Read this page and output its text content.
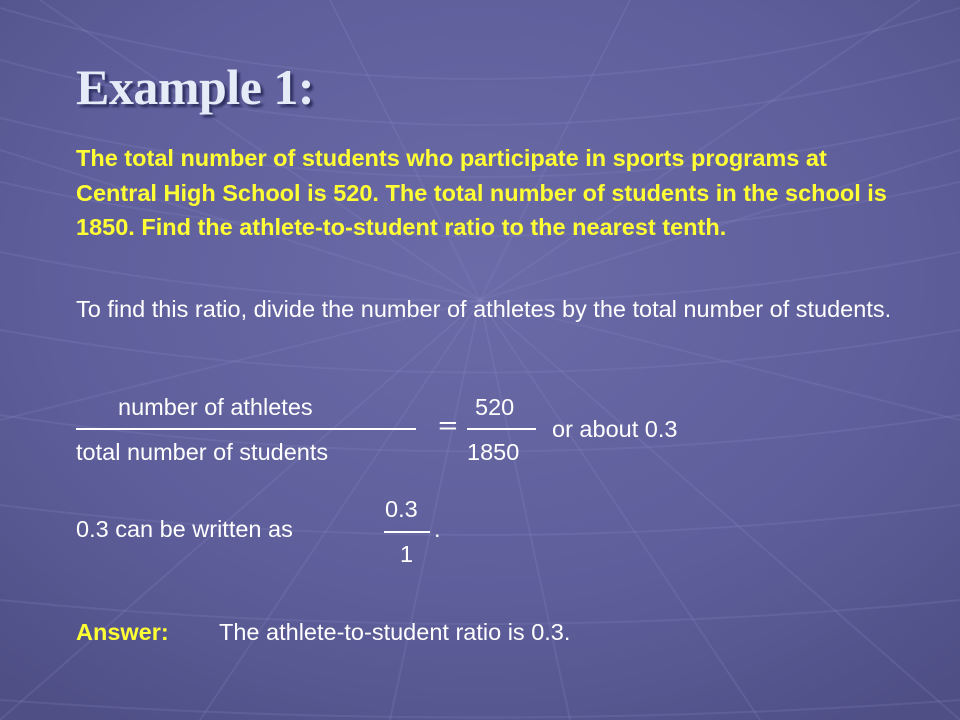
Example 1:

The total number of students who participate in sports programs at Central High School is 520. The total number of students in the school is 1850. Find the athlete-to-student ratio to the nearest tenth.

To find this ratio, divide the number of athletes by the total number of students.

number of athletes
total number of students
=
520
1850
or about 0.3
0.3 can be written as
0.3
1
.
Answer: The athlete-to-student ratio is 0.3.
